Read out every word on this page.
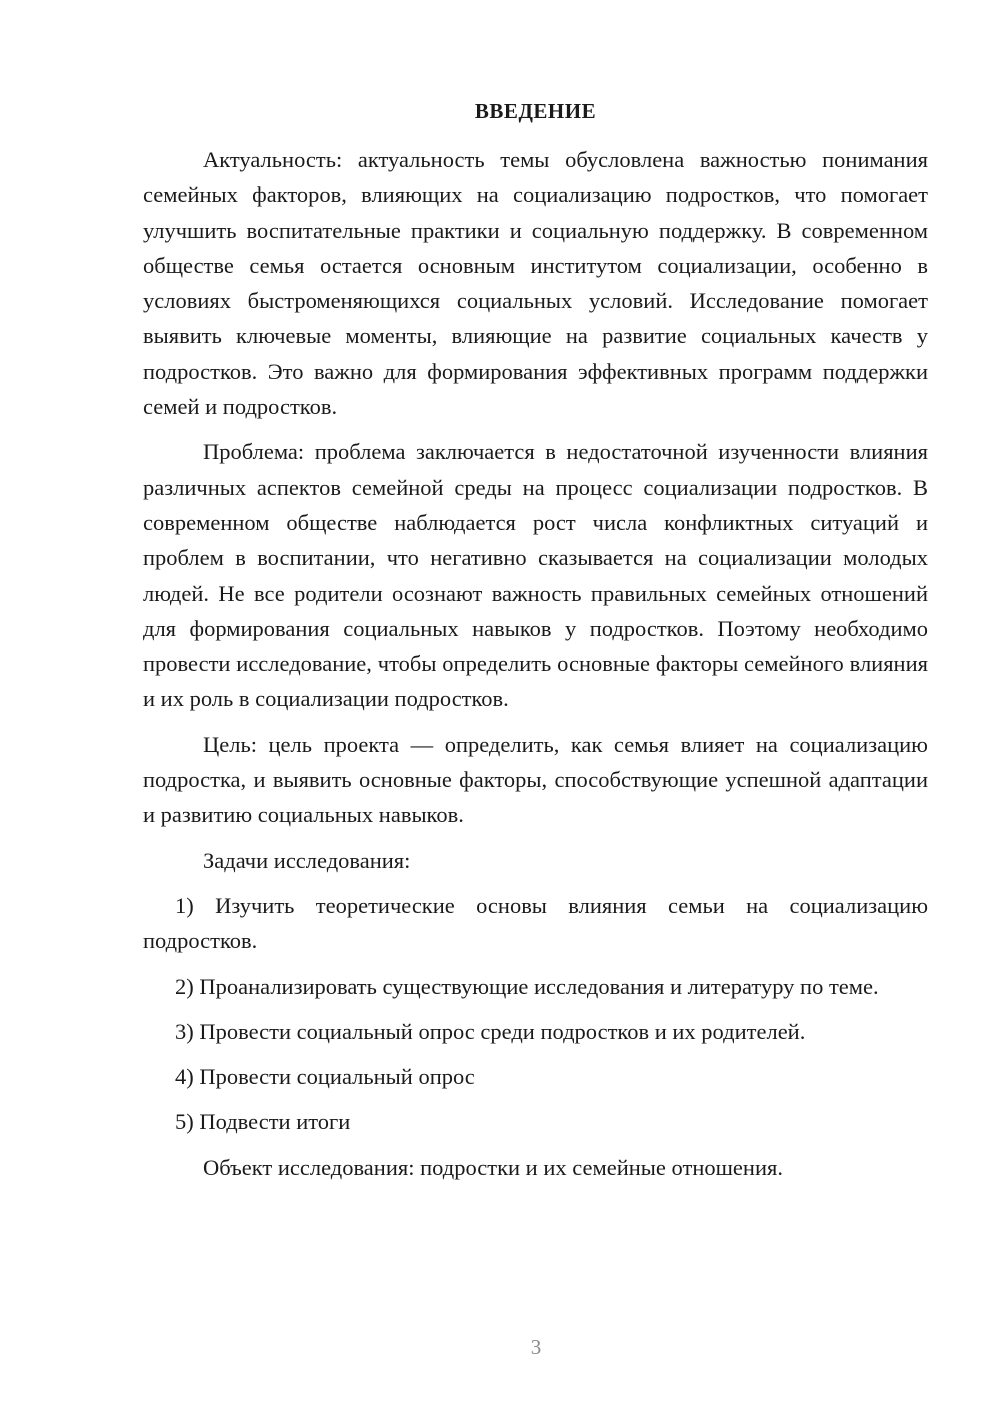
ВВЕДЕНИЕ

Актуальность: актуальность темы обусловлена важностью понимания семейных факторов, влияющих на социализацию подростков, что помогает улучшить воспитательные практики и социальную поддержку. В современном обществе семья остается основным институтом социализации, особенно в условиях быстроменяющихся социальных условий. Исследование помогает выявить ключевые моменты, влияющие на развитие социальных качеств у подростков. Это важно для формирования эффективных программ поддержки семей и подростков.

Проблема: проблема заключается в недостаточной изученности влияния различных аспектов семейной среды на процесс социализации подростков. В современном обществе наблюдается рост числа конфликтных ситуаций и проблем в воспитании, что негативно сказывается на социализации молодых людей. Не все родители осознают важность правильных семейных отношений для формирования социальных навыков у подростков. Поэтому необходимо провести исследование, чтобы определить основные факторы семейного влияния и их роль в социализации подростков.

Цель: цель проекта — определить, как семья влияет на социализацию подростка, и выявить основные факторы, способствующие успешной адаптации и развитию социальных навыков.

Задачи исследования:

1) Изучить теоретические основы влияния семьи на социализацию подростков.

2) Проанализировать существующие исследования и литературу по теме.

3) Провести социальный опрос среди подростков и их родителей.

4) Провести социальный опрос

5) Подвести итоги

Объект исследования: подростки и их семейные отношения.

3
